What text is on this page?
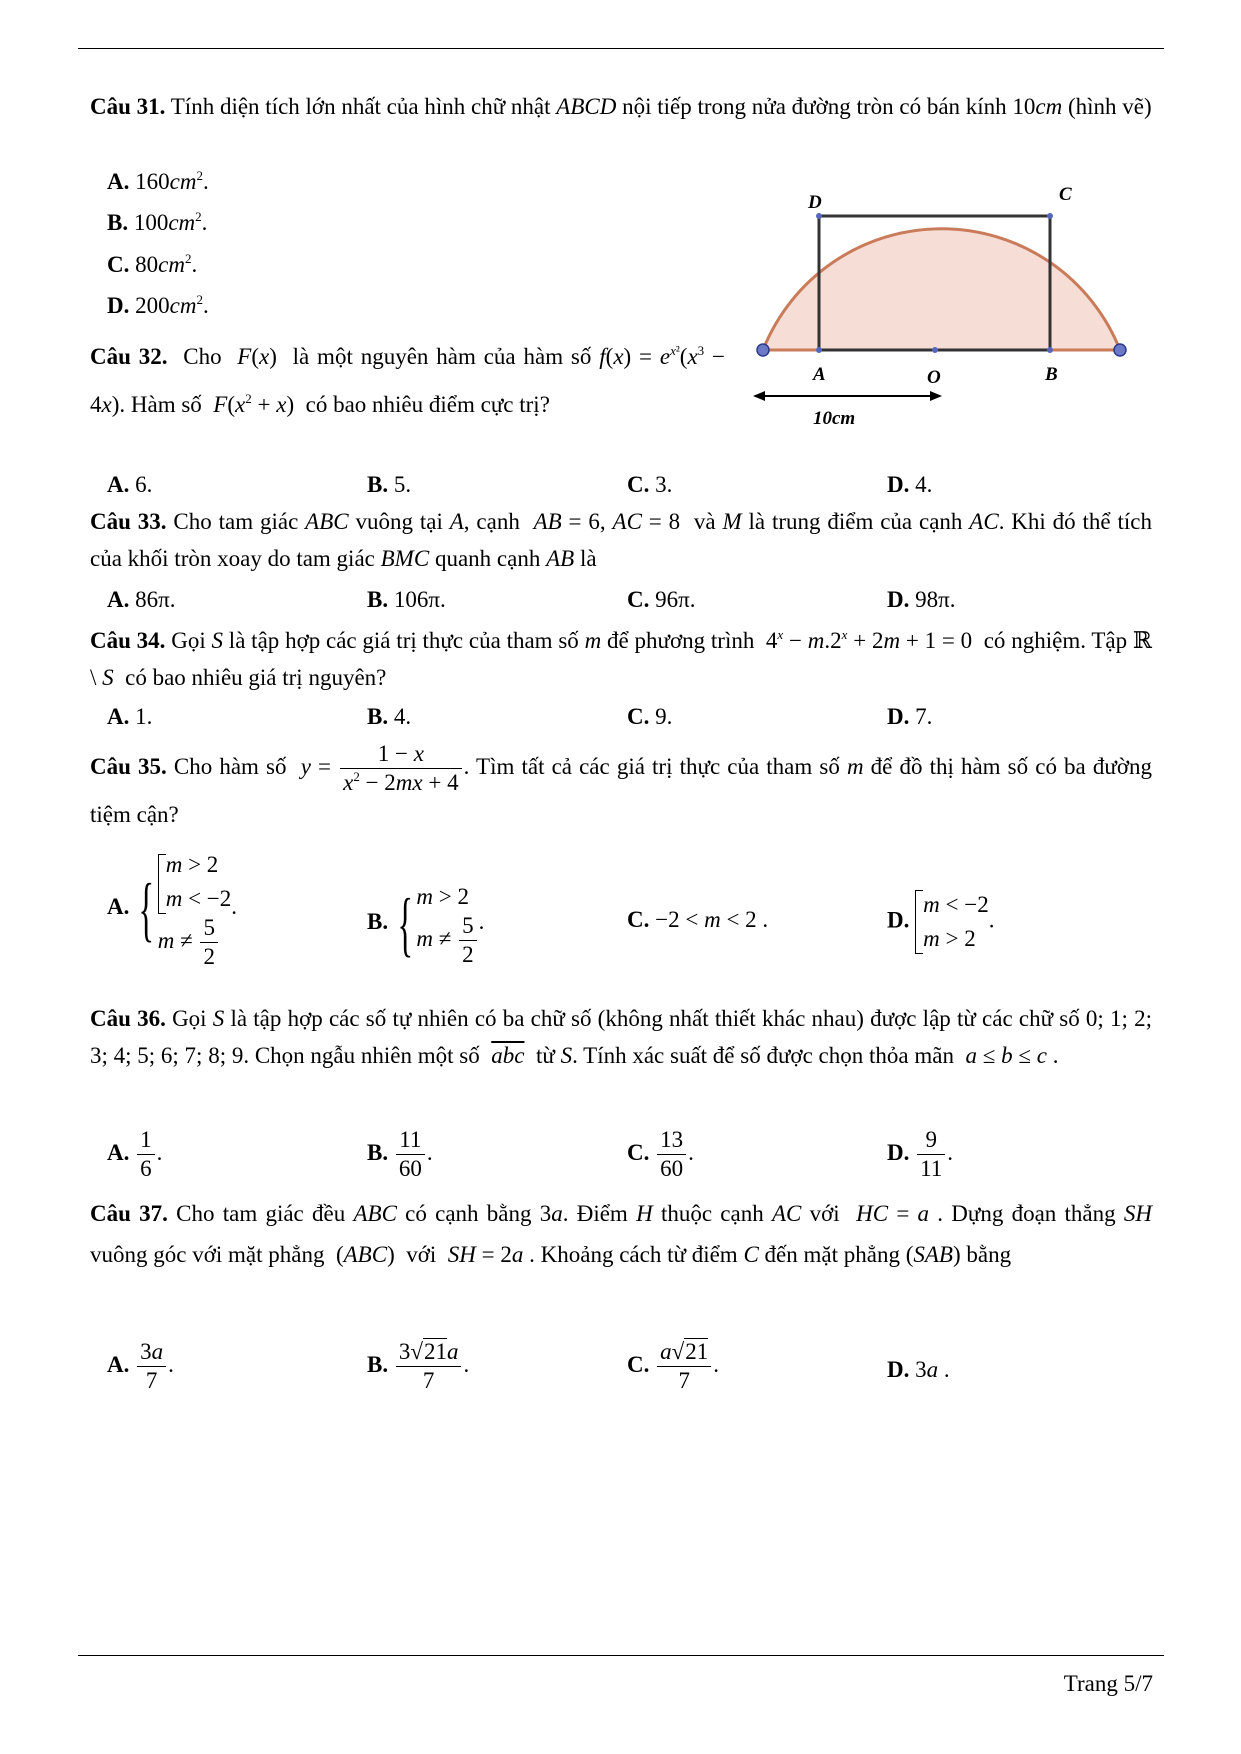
Câu 31. Tính diện tích lớn nhất của hình chữ nhật ABCD nội tiếp trong nửa đường tròn có bán kính 10cm (hình vẽ)
A. $160cm^2$.
B. $100cm^2$.
C. $80cm^2$.
D. $200cm^2$.
D	C
A	O	B
10cm
Câu 32.  Cho  F(x)  là một nguyên hàm của hàm số $f(x) = e^{x^2}(x^3 - 4x)$. Hàm số  $F(x^2 + x)$  có bao nhiêu điểm cực trị?
A. 6.	B. 5.	C. 3.	D. 4.
Câu 33. Cho tam giác ABC vuông tại A, cạnh  AB = 6, AC = 8  và M là trung điểm của cạnh AC. Khi đó thể tích của khối tròn xoay do tam giác BMC quanh cạnh AB là
A. 86π.	B. 106π.	C. 96π.	D. 98π.
Câu 34. Gọi S là tập hợp các giá trị thực của tham số m để phương trình  $4^x - m.2^x + 2m + 1 = 0$  có nghiệm. Tập ℝ \ S  có bao nhiêu giá trị nguyên?
A. 1.	B. 4.	C. 9.	D. 7.
Câu 35. Cho hàm số  $y = \frac{1 - x}{x^2 - 2mx + 4}$ . Tìm tất cả các giá trị thực của tham số m để đồ thị hàm số có ba đường tiệm cận?
A. {m > 2
m < −2
$m \ne \frac{5}{2}$
.
B. { m > 2
$m \ne \frac{5}{2}$ .	C. −2 < m < 2 .	D. m < −2
m > 2.
Câu 36. Gọi S là tập hợp các số tự nhiên có ba chữ số (không nhất thiết khác nhau) được lập từ các chữ số 0; 1; 2; 3; 4; 5; 6; 7; 8; 9. Chọn ngẫu nhiên một số  $\overline{abc}$  từ S. Tính xác suất để số được chọn thỏa mãn  a ≤ b ≤ c .
A. $\frac{1}{6}$ .	B. $\frac{11}{60}$ .	C. $\frac{13}{60}$ .	D. $\frac{9}{11}$ .
Câu 37. Cho tam giác đều ABC có cạnh bằng 3a. Điểm H thuộc cạnh AC với  HC = a . Dựng đoạn thẳng SH vuông góc với mặt phẳng  (ABC)  với  SH = 2a . Khoảng cách từ điểm C đến mặt phẳng (SAB) bằng
A. $\frac{3a}{7}$ .	B. $\frac{3√21a}{7}$ .	C. $\frac{a√21}{7}$ .	D. 3a .
Trang 5/7
